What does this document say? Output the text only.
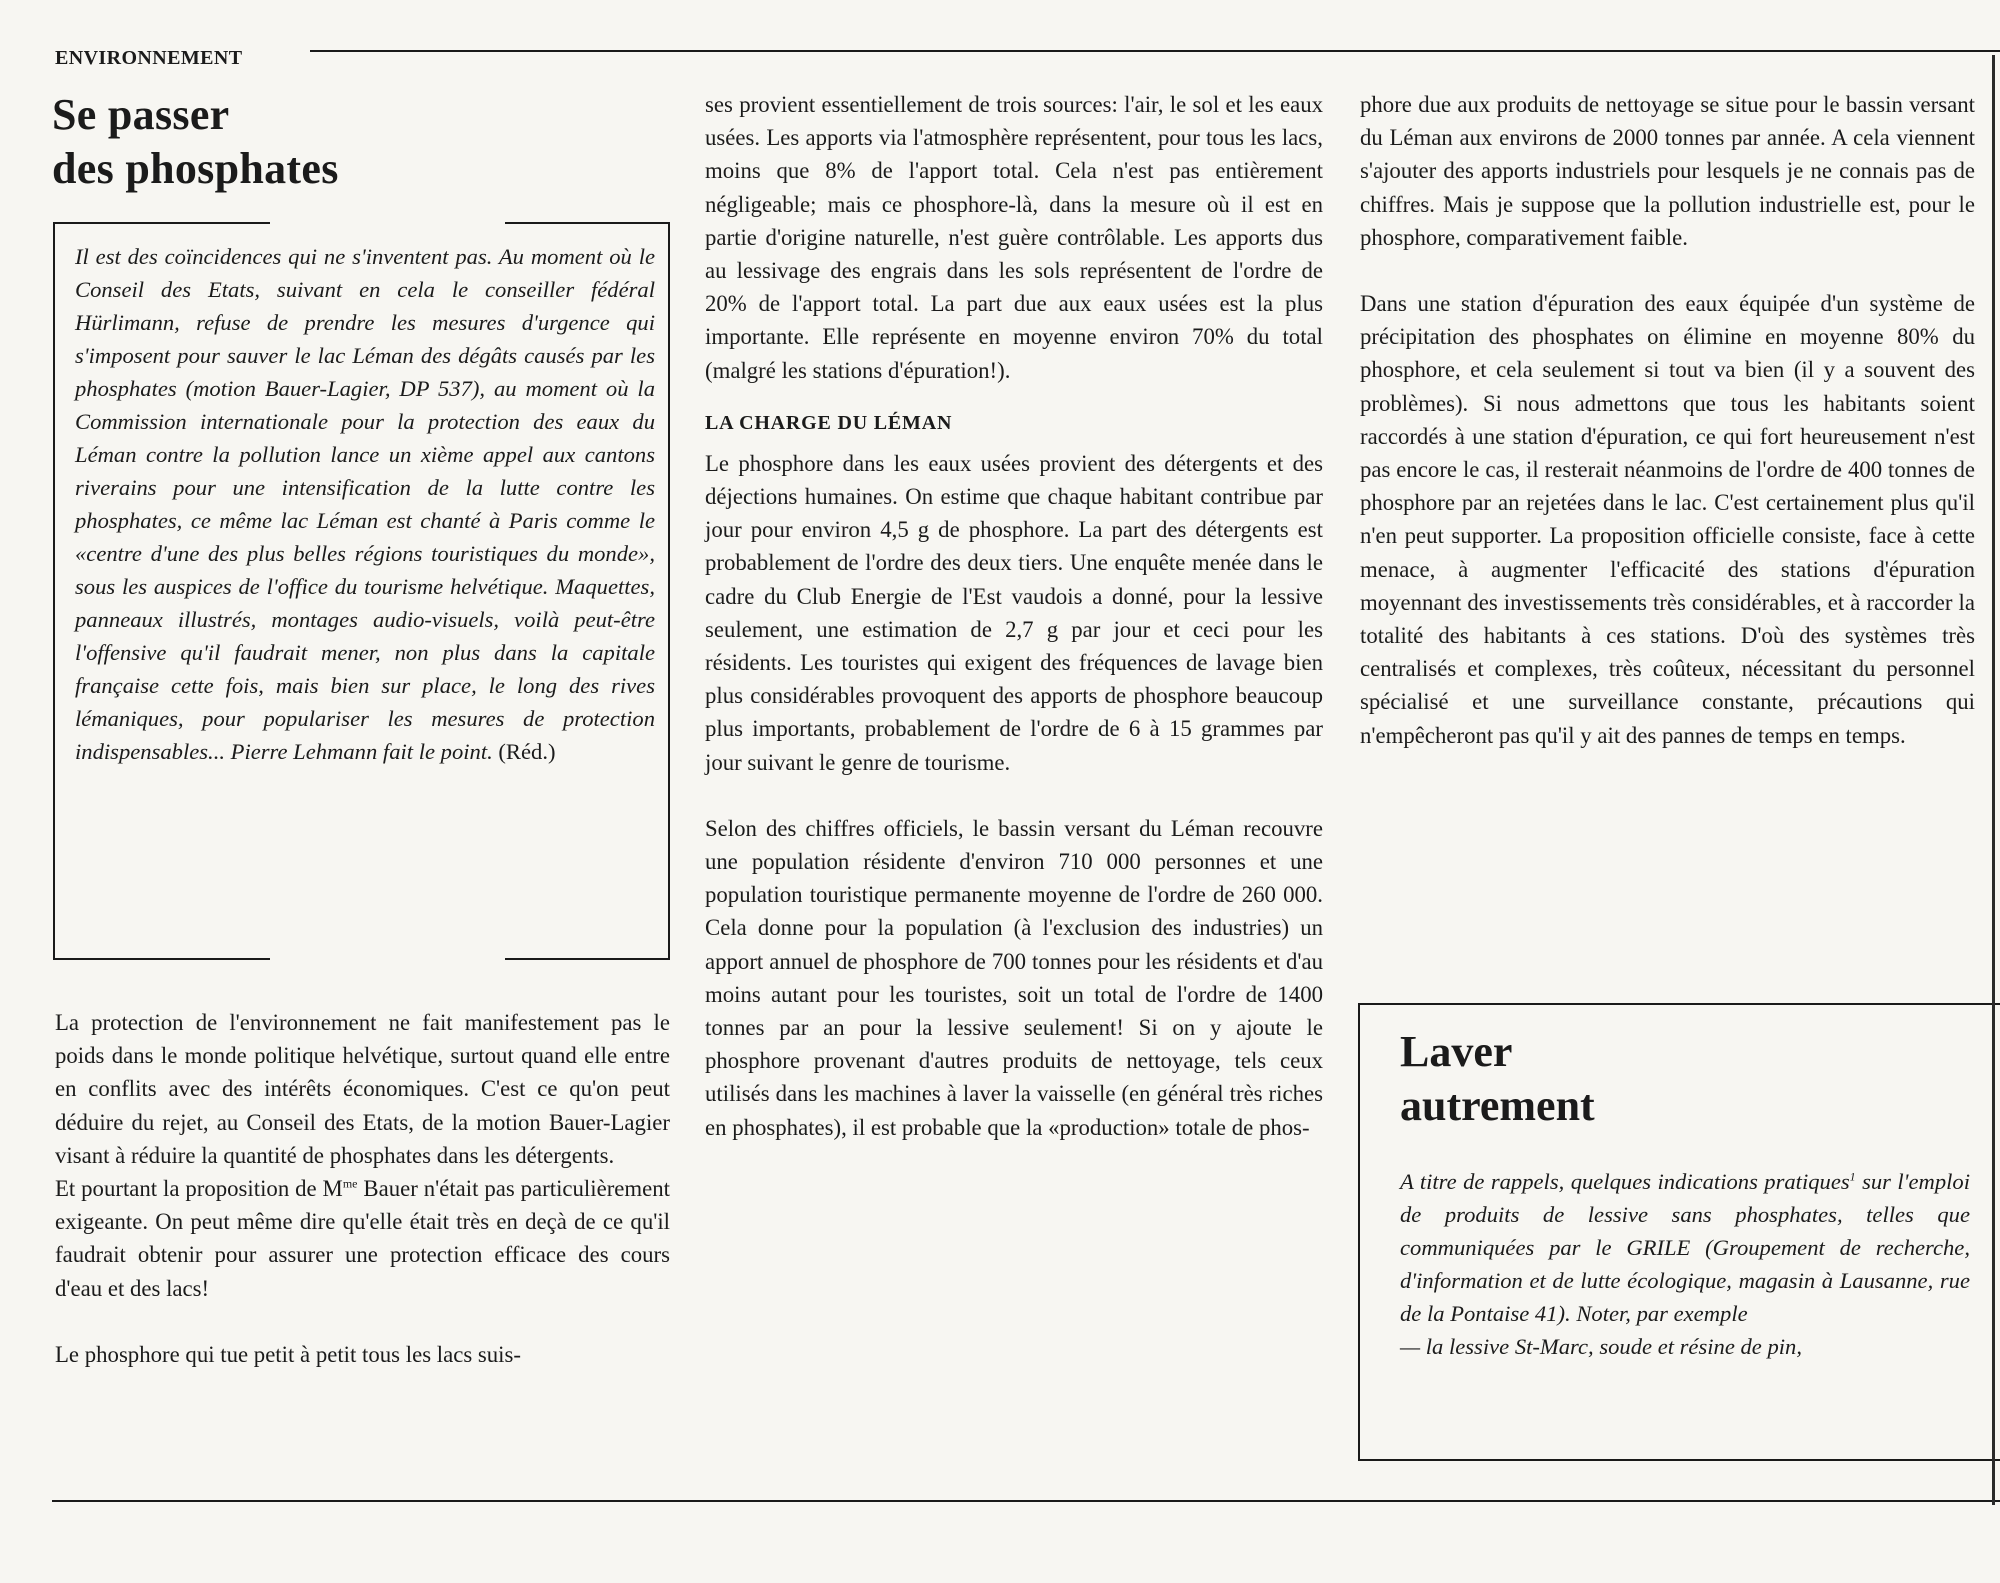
ENVIRONNEMENT
Se passer
des phosphates

Il est des coïncidences qui ne s'inventent pas. Au moment où le Conseil des Etats, suivant en cela le conseiller fédéral Hürlimann, refuse de prendre les mesures d'urgence qui s'imposent pour sauver le lac Léman des dégâts causés par les phosphates (motion Bauer-Lagier, DP 537), au moment où la Commission internationale pour la protection des eaux du Léman contre la pollution lance un xième appel aux cantons riverains pour une intensification de la lutte contre les phosphates, ce même lac Léman est chanté à Paris comme le «centre d'une des plus belles régions touristiques du monde», sous les auspices de l'office du tourisme helvétique. Maquettes, panneaux illustrés, montages audio-visuels, voilà peut-être l'offensive qu'il faudrait mener, non plus dans la capitale française cette fois, mais bien sur place, le long des rives lémaniques, pour populariser les mesures de protection indispensables... Pierre Lehmann fait le point. (Réd.)

La protection de l'environnement ne fait manifestement pas le poids dans le monde politique helvétique, surtout quand elle entre en conflits avec des intérêts économiques. C'est ce qu'on peut déduire du rejet, au Conseil des Etats, de la motion Bauer-Lagier visant à réduire la quantité de phosphates dans les détergents.

Et pourtant la proposition de $M^{me}$ Bauer n'était pas particulièrement exigeante. On peut même dire qu'elle était très en deçà de ce qu'il faudrait obtenir pour assurer une protection efficace des cours d'eau et des lacs!

Le phosphore qui tue petit à petit tous les lacs suis-

ses provient essentiellement de trois sources: l'air, le sol et les eaux usées. Les apports via l'atmosphère représentent, pour tous les lacs, moins que 8% de l'apport total. Cela n'est pas entièrement négligeable; mais ce phosphore-là, dans la mesure où il est en partie d'origine naturelle, n'est guère contrôlable. Les apports dus au lessivage des engrais dans les sols représentent de l'ordre de 20% de l'apport total. La part due aux eaux usées est la plus importante. Elle représente en moyenne environ 70% du total (malgré les stations d'épuration!).

LA CHARGE DU LÉMAN

Le phosphore dans les eaux usées provient des détergents et des déjections humaines. On estime que chaque habitant contribue par jour pour environ 4,5 g de phosphore. La part des détergents est probablement de l'ordre des deux tiers. Une enquête menée dans le cadre du Club Energie de l'Est vaudois a donné, pour la lessive seulement, une estimation de 2,7 g par jour et ceci pour les résidents. Les touristes qui exigent des fréquences de lavage bien plus considérables provoquent des apports de phosphore beaucoup plus importants, probablement de l'ordre de 6 à 15 grammes par jour suivant le genre de tourisme.

Selon des chiffres officiels, le bassin versant du Léman recouvre une population résidente d'environ 710 000 personnes et une population touristique permanente moyenne de l'ordre de 260 000. Cela donne pour la population (à l'exclusion des industries) un apport annuel de phosphore de 700 tonnes pour les résidents et d'au moins autant pour les touristes, soit un total de l'ordre de 1400 tonnes par an pour la lessive seulement! Si on y ajoute le phosphore provenant d'autres produits de nettoyage, tels ceux utilisés dans les machines à laver la vaisselle (en général très riches en phosphates), il est probable que la «production» totale de phos-

phore due aux produits de nettoyage se situe pour le bassin versant du Léman aux environs de 2000 tonnes par année. A cela viennent s'ajouter des apports industriels pour lesquels je ne connais pas de chiffres. Mais je suppose que la pollution industrielle est, pour le phosphore, comparativement faible.

Dans une station d'épuration des eaux équipée d'un système de précipitation des phosphates on élimine en moyenne 80% du phosphore, et cela seulement si tout va bien (il y a souvent des problèmes). Si nous admettons que tous les habitants soient raccordés à une station d'épuration, ce qui fort heureusement n'est pas encore le cas, il resterait néanmoins de l'ordre de 400 tonnes de phosphore par an rejetées dans le lac. C'est certainement plus qu'il n'en peut supporter. La proposition officielle consiste, face à cette menace, à augmenter l'efficacité des stations d'épuration moyennant des investissements très considérables, et à raccorder la totalité des habitants à ces stations. D'où des systèmes très centralisés et complexes, très coûteux, nécessitant du personnel spécialisé et une surveillance constante, précautions qui n'empêcheront pas qu'il y ait des pannes de temps en temps.

Laver
autrement

A titre de rappels, quelques indications pratiques$^1$ sur l'emploi de produits de lessive sans phosphates, telles que communiquées par le GRILE (Groupement de recherche, d'information et de lutte écologique, magasin à Lausanne, rue de la Pontaise 41). Noter, par exemple
— la lessive St-Marc, soude et résine de pin,
